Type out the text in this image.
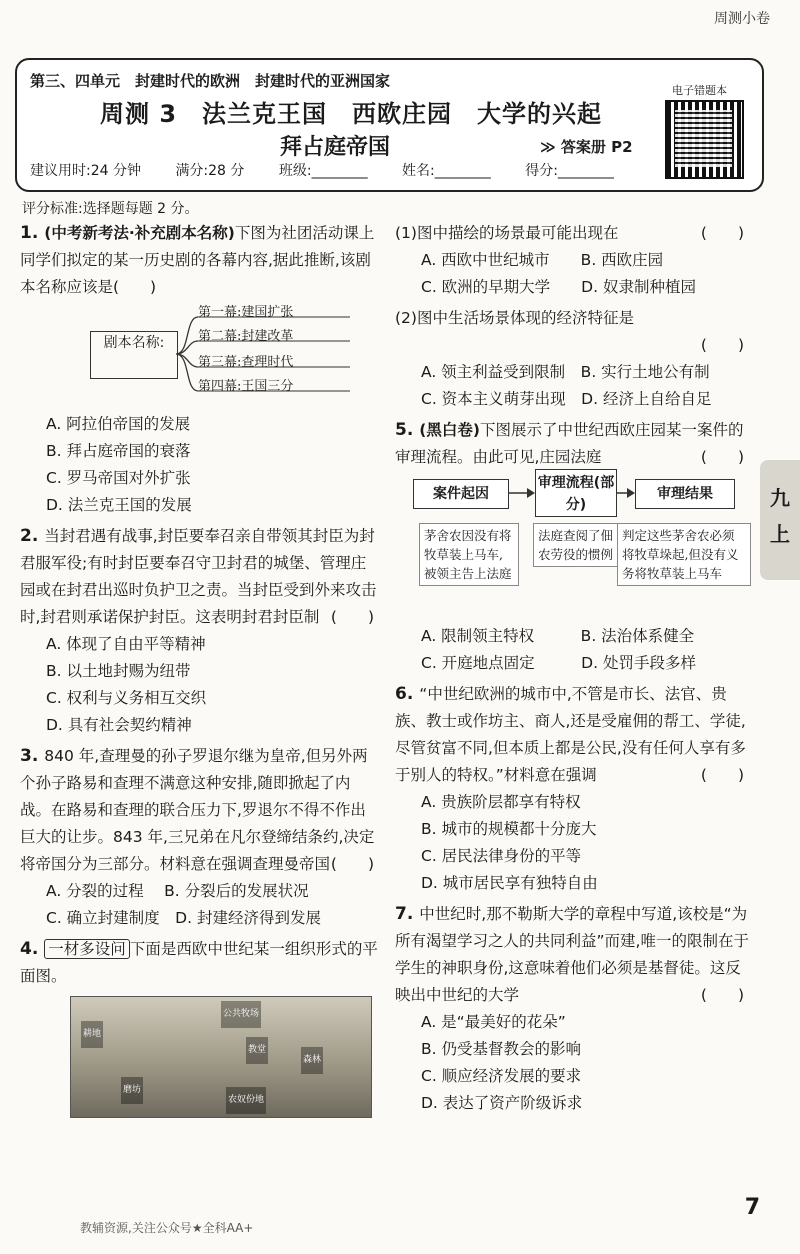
周测小卷
第三、四单元　封建时代的欧洲　封建时代的亚洲国家
周测 3　法兰克王国　西欧庄园　大学的兴起
拜占庭帝国	≫ 答案册 P2
电子错题本
建议用时:24 分钟 满分:28 分 班级:________ 姓名:________ 得分:________
评分标准:选择题每题 2 分。
1. (中考新考法·补充剧本名称)下图为社团活动课上同学们拟定的某一历史剧的各幕内容,据此推断,该剧本名称应该是(　　)
剧本名称:
第一幕:建国扩张
第二幕:封建改革
第三幕:查理时代
第四幕:王国三分
A. 阿拉伯帝国的发展
B. 拜占庭帝国的衰落
C. 罗马帝国对外扩张
D. 法兰克王国的发展
2. 当封君遇有战事,封臣要奉召亲自带领其封臣为封君服军役;有时封臣要奉召守卫封君的城堡、管理庄园或在封君出巡时负护卫之责。当封臣受到外来攻击时,封君则承诺保护封臣。这表明封君封臣制 (　　)
A. 体现了自由平等精神
B. 以土地封赐为纽带
C. 权利与义务相互交织
D. 具有社会契约精神
3. 840 年,查理曼的孙子罗退尔继为皇帝,但另外两个孙子路易和查理不满意这种安排,随即掀起了内战。在路易和查理的联合压力下,罗退尔不得不作出巨大的让步。843 年,三兄弟在凡尔登缔结条约,决定将帝国分为三部分。材料意在强调查理曼帝国 (　　)
A. 分裂的过程　 B. 分裂后的发展状况
C. 确立封建制度　D. 封建经济得到发展
4. 一材多设问 下面是西欧中世纪某一组织形式的平面图。
公共牧场
耕地
教堂
磨坊
森林
农奴份地
(1)图中描绘的场景最可能出现在	(　　)
A. 西欧中世纪城市　　B. 西欧庄园
C. 欧洲的早期大学　　D. 奴隶制种植园
(2)图中生活场景体现的经济特征是
(　　)
A. 领主利益受到限制　B. 实行土地公有制
C. 资本主义萌芽出现　D. 经济上自给自足
5. (黑白卷)下图展示了中世纪西欧庄园某一案件的审理流程。由此可见,庄园法庭	(　　)
案件起因
审理流程(部分)
审理结果
茅舍农因没有将牧草装上马车,被领主告上法庭
法庭查阅了佃农劳役的惯例
判定这些茅舍农必须将牧草垛起,但没有义务将牧草装上马车
A. 限制领主特权　　　B. 法治体系健全
C. 开庭地点固定　　　D. 处罚手段多样
6. “中世纪欧洲的城市中,不管是市长、法官、贵族、教士或作坊主、商人,还是受雇佣的帮工、学徒,尽管贫富不同,但本质上都是公民,没有任何人享有多于别人的特权。”材料意在强调	(　　)
A. 贵族阶层都享有特权
B. 城市的规模都十分庞大
C. 居民法律身份的平等
D. 城市居民享有独特自由
7. 中世纪时,那不勒斯大学的章程中写道,该校是“为所有渴望学习之人的共同利益”而建,唯一的限制在于学生的神职身份,这意味着他们必须是基督徒。这反映出中世纪的大学	(　　)
A. 是“最美好的花朵”
B. 仍受基督教会的影响
C. 顺应经济发展的要求
D. 表达了资产阶级诉求
九
上
7
教辅资源,关注公众号★全科AA+
